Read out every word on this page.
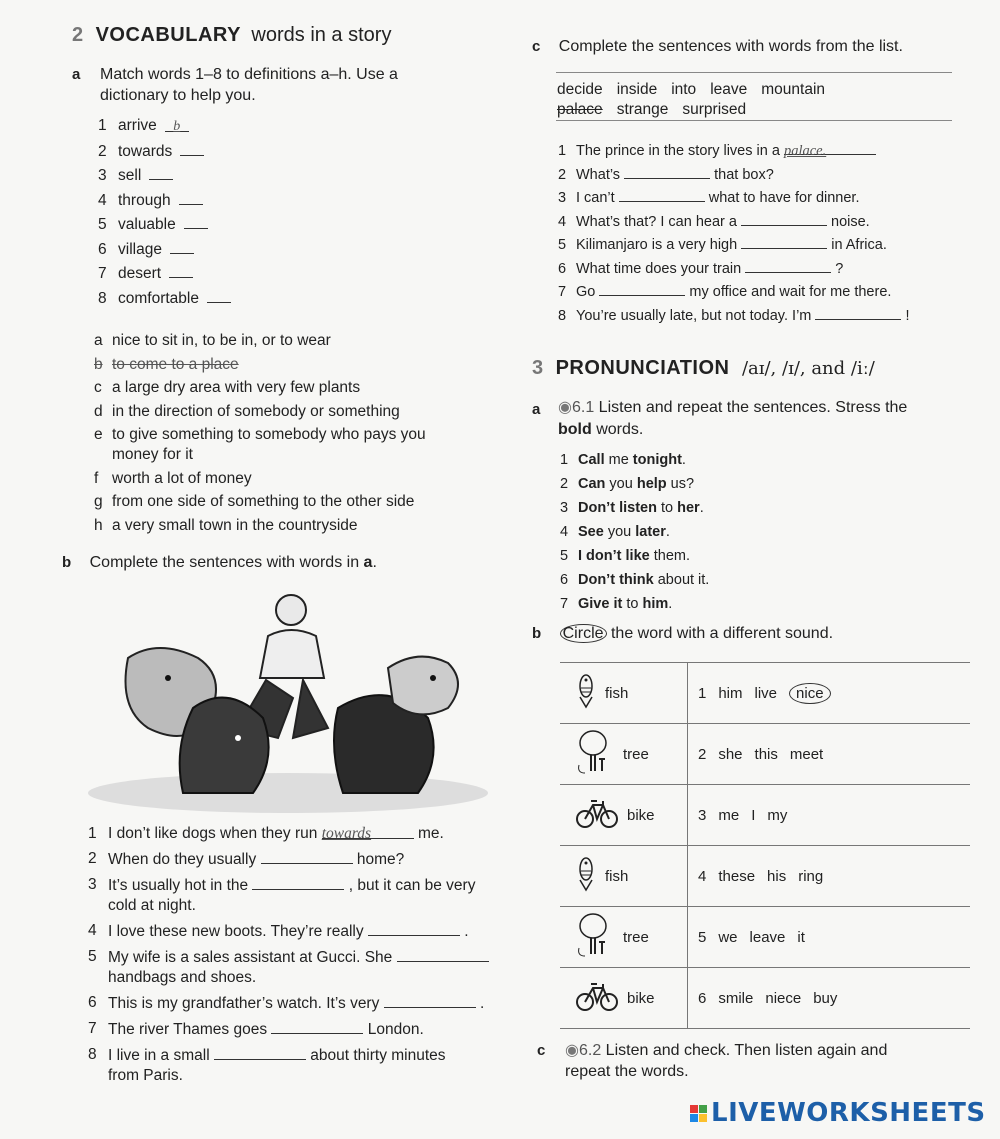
2 VOCABULARY words in a story
a Match words 1–8 to definitions a–h. Use a
dictionary to help you.
1 arrive b
2 towards
3 sell
4 through
5 valuable
6 village
7 desert
8 comfortable
a nice to sit in, to be in, or to wear
b to come to a place
c a large dry area with very few plants
d in the direction of somebody or something
e to give something to somebody who pays you
money for it
f worth a lot of money
g from one side of something to the other side
h a very small town in the countryside
b Complete the sentences with words in a.
1 I don’t like dogs when they run towards	me.
2 When do they usually	home?
3 It’s usually hot in the	, but it can be very
cold at night.
4 I love these new boots. They’re really	.
5 My wife is a sales assistant at Gucci. She
handbags and shoes.
6 This is my grandfather’s watch. It’s very	.
7 The river Thames goes	London.
8 I live in a small	about thirty minutes
from Paris.
c Complete the sentences with words from the list.
decide inside into leave mountain
palace strange surprised
1 The prince in the story lives in a palace.
2 What’s	that box?
3 I can’t	what to have for dinner.
4 What’s that? I can hear a	noise.
5 Kilimanjaro is a very high	in Africa.
6 What time does your train	?
7 Go	my office and wait for me there.
8 You’re usually late, but not today. I’m	!
3 PRONUNCIATION /aɪ/, /ɪ/, and /iː/
a ◉6.1 Listen and repeat the sentences. Stress the
bold words.
1 Call me tonight.
2 Can you help us?
3 Don’t listen to her.
4 See you later.
5 I don’t like them.
6 Don’t think about it.
7 Give it to him.
b Circle the word with a different sound.
fish	1 him live nice

tree	2 she this meet

bike	3 me I my

fish	4 these his ring

tree	5 we leave it

bike	6 smile niece buy
c ◉6.2 Listen and check. Then listen again and
repeat the words.
LIVEWORKSHEETS
